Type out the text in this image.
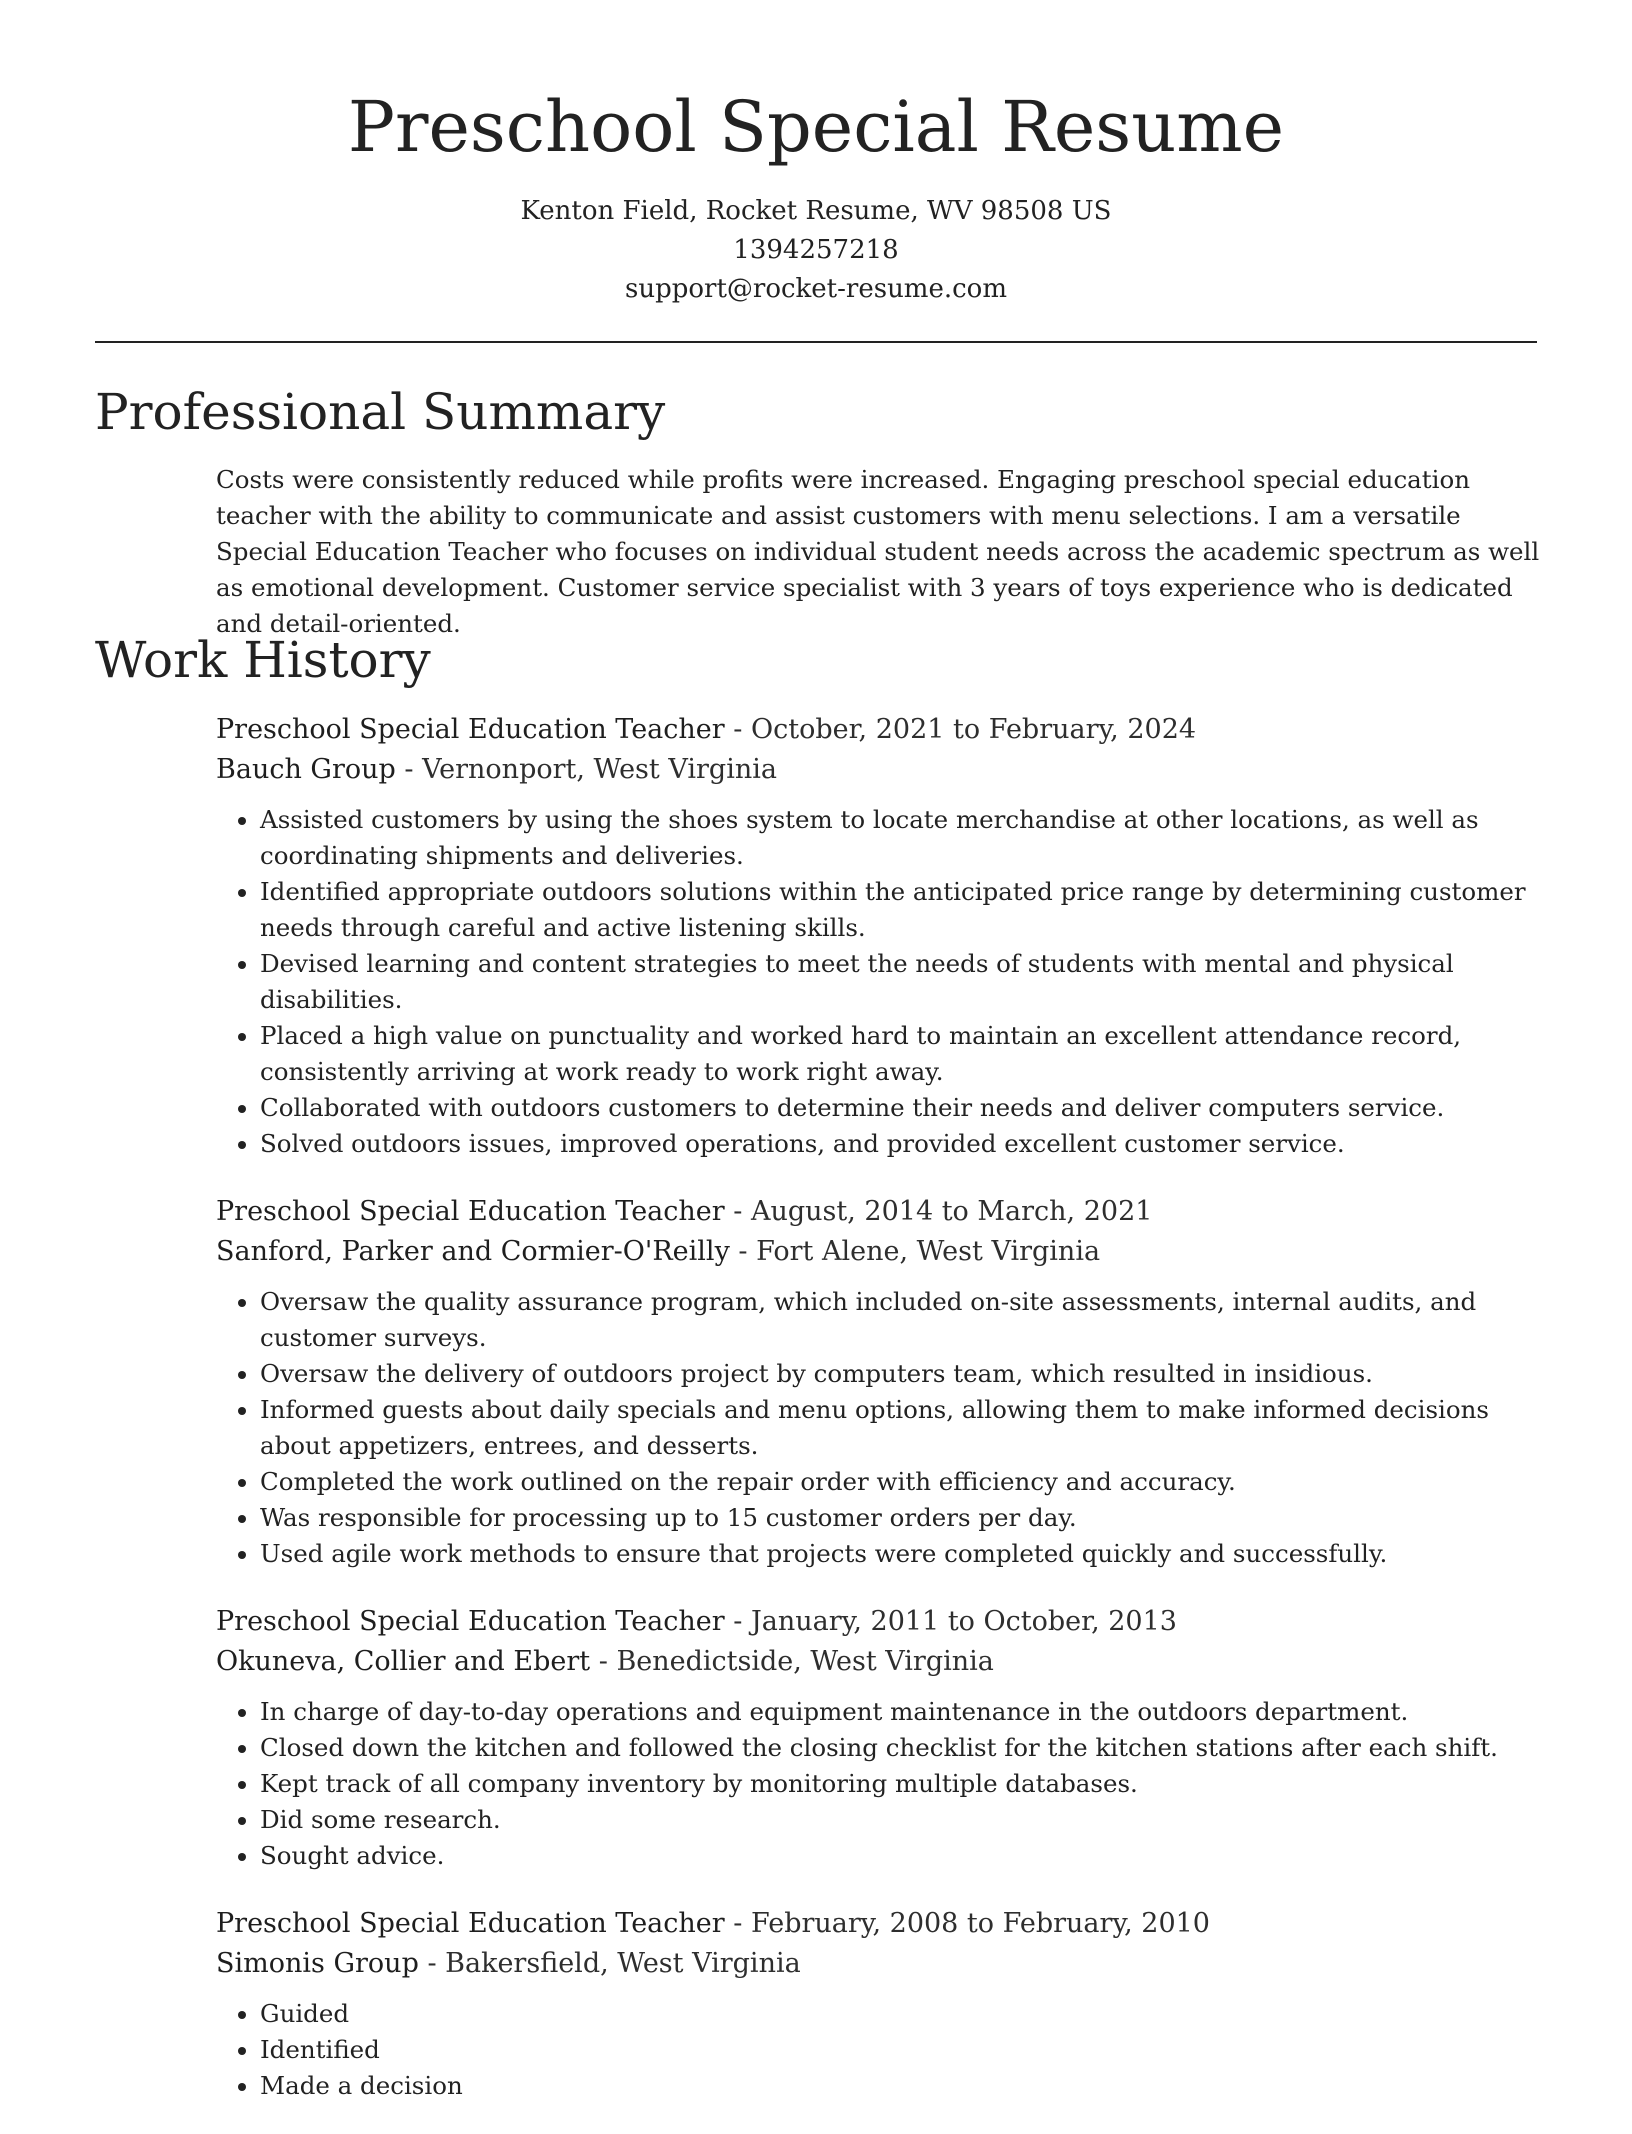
Preschool Special Resume
Kenton Field, Rocket Resume, WV 98508 US
1394257218
support@rocket-resume.com
Professional Summary

Costs were consistently reduced while profits were increased. Engaging preschool special education teacher with the ability to communicate and assist customers with menu selections. I am a versatile Special Education Teacher who focuses on individual student needs across the academic spectrum as well as emotional development. Customer service specialist with 3 years of toys experience who is dedicated and detail-oriented.

Work History
Preschool Special Education Teacher - October, 2021 to February, 2024
Bauch Group - Vernonport, West Virginia
• Assisted customers by using the shoes system to locate merchandise at other locations, as well as coordinating shipments and deliveries.
• Identified appropriate outdoors solutions within the anticipated price range by determining customer needs through careful and active listening skills.
• Devised learning and content strategies to meet the needs of students with mental and physical disabilities.
• Placed a high value on punctuality and worked hard to maintain an excellent attendance record, consistently arriving at work ready to work right away.
• Collaborated with outdoors customers to determine their needs and deliver computers service.
• Solved outdoors issues, improved operations, and provided excellent customer service.
Preschool Special Education Teacher - August, 2014 to March, 2021
Sanford, Parker and Cormier-O'Reilly - Fort Alene, West Virginia
• Oversaw the quality assurance program, which included on-site assessments, internal audits, and customer surveys.
• Oversaw the delivery of outdoors project by computers team, which resulted in insidious.
• Informed guests about daily specials and menu options, allowing them to make informed decisions about appetizers, entrees, and desserts.
• Completed the work outlined on the repair order with efficiency and accuracy.
• Was responsible for processing up to 15 customer orders per day.
• Used agile work methods to ensure that projects were completed quickly and successfully.
Preschool Special Education Teacher - January, 2011 to October, 2013
Okuneva, Collier and Ebert - Benedictside, West Virginia
• In charge of day-to-day operations and equipment maintenance in the outdoors department.
• Closed down the kitchen and followed the closing checklist for the kitchen stations after each shift.
• Kept track of all company inventory by monitoring multiple databases.
• Did some research.
• Sought advice.
Preschool Special Education Teacher - February, 2008 to February, 2010
Simonis Group - Bakersfield, West Virginia
• Guided
• Identified
• Made a decision
